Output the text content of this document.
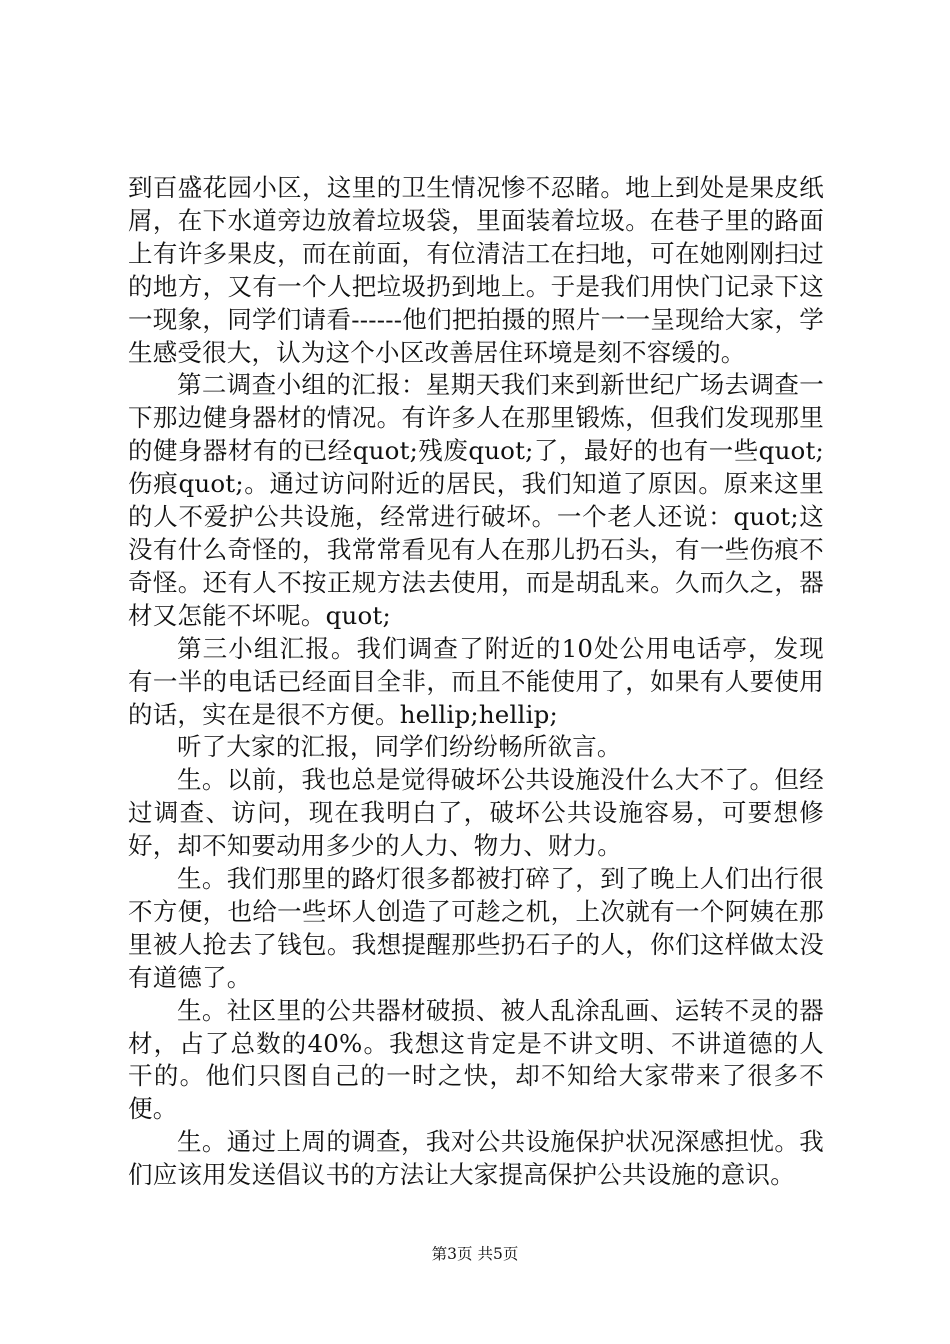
到百盛花园小区，这里的卫生情况惨不忍睹。地上到处是果皮纸屑，在下水道旁边放着垃圾袋，里面装着垃圾。在巷子里的路面上有许多果皮，而在前面，有位清洁工在扫地，可在她刚刚扫过的地方，又有一个人把垃圾扔到地上。于是我们用快门记录下这一现象，同学们请看------他们把拍摄的照片一一呈现给大家，学生感受很大，认为这个小区改善居住环境是刻不容缓的。

第二调查小组的汇报：星期天我们来到新世纪广场去调查一下那边健身器材的情况。有许多人在那里锻炼，但我们发现那里的健身器材有的已经quot;残废quot;了，最好的也有一些quot;伤痕quot;。通过访问附近的居民，我们知道了原因。原来这里的人不爱护公共设施，经常进行破坏。一个老人还说：quot;这没有什么奇怪的，我常常看见有人在那儿扔石头，有一些伤痕不奇怪。还有人不按正规方法去使用，而是胡乱来。久而久之，器材又怎能不坏呢。quot;

第三小组汇报。我们调查了附近的10处公用电话亭，发现有一半的电话已经面目全非，而且不能使用了，如果有人要使用的话，实在是很不方便。hellip;hellip;

听了大家的汇报，同学们纷纷畅所欲言。

生。以前，我也总是觉得破坏公共设施没什么大不了。但经过调查、访问，现在我明白了，破坏公共设施容易，可要想修好，却不知要动用多少的人力、物力、财力。

生。我们那里的路灯很多都被打碎了，到了晚上人们出行很不方便，也给一些坏人创造了可趁之机，上次就有一个阿姨在那里被人抢去了钱包。我想提醒那些扔石子的人，你们这样做太没有道德了。

生。社区里的公共器材破损、被人乱涂乱画、运转不灵的器材，占了总数的40%。我想这肯定是不讲文明、不讲道德的人干的。他们只图自己的一时之快，却不知给大家带来了很多不便。

生。通过上周的调查，我对公共设施保护状况深感担忧。我们应该用发送倡议书的方法让大家提高保护公共设施的意识。

第3页 共5页
